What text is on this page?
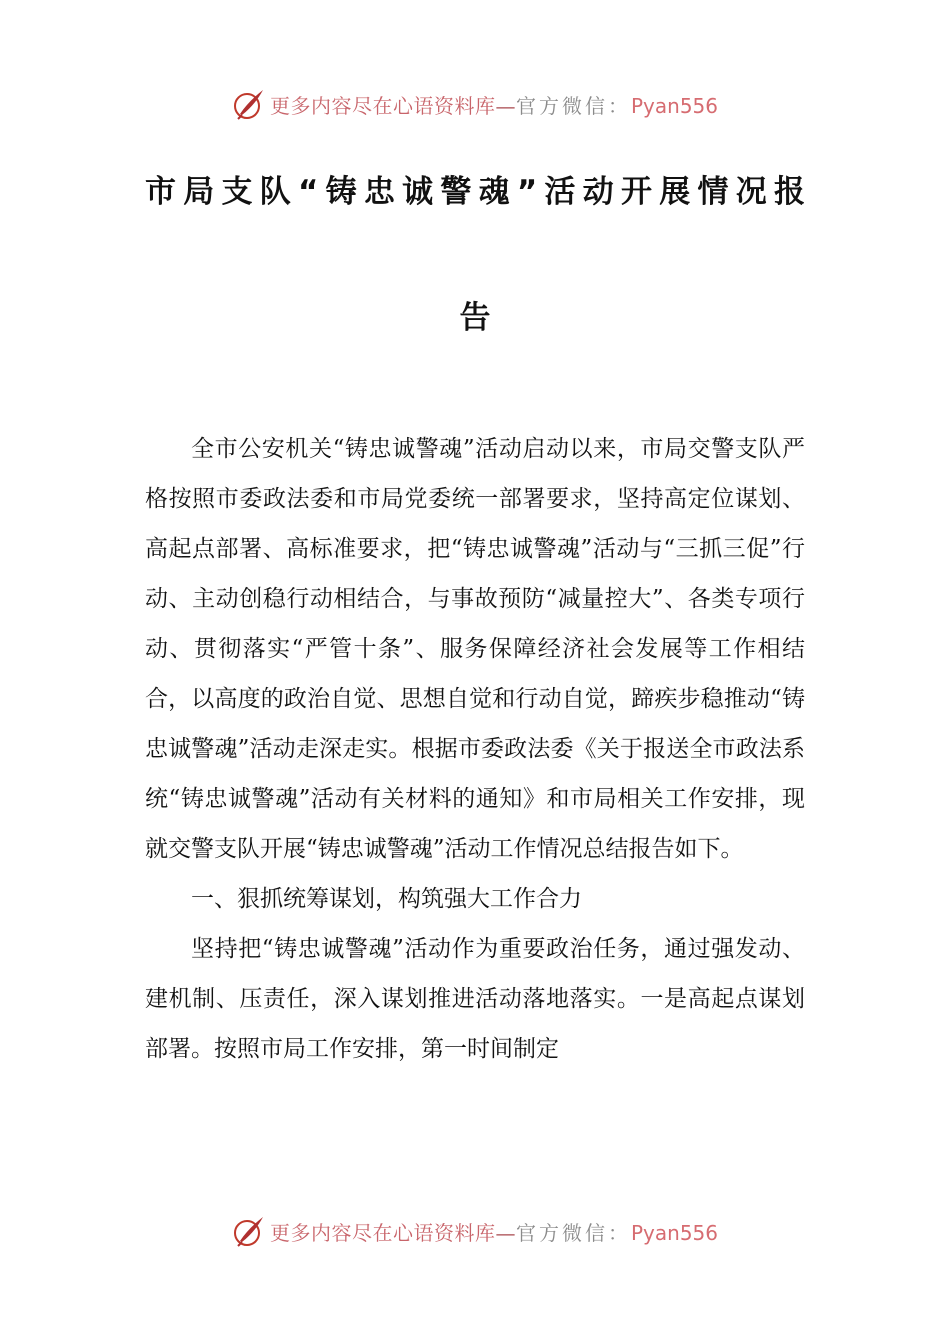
更多内容尽在心语资料库—官方微信：Pyan556
市局支队“铸忠诚警魂”活动开展情况报
告

全市公安机关“铸忠诚警魂”活动启动以来，市局交警支队严格按照市委政法委和市局党委统一部署要求，坚持高定位谋划、高起点部署、高标准要求，把“铸忠诚警魂”活动与“三抓三促”行动、主动创稳行动相结合，与事故预防“减量控大”、各类专项行动、贯彻落实“严管十条”、服务保障经济社会发展等工作相结合，以高度的政治自觉、思想自觉和行动自觉，蹄疾步稳推动“铸忠诚警魂”活动走深走实。根据市委政法委《关于报送全市政法系统“铸忠诚警魂”活动有关材料的通知》和市局相关工作安排，现就交警支队开展“铸忠诚警魂”活动工作情况总结报告如下。

一、狠抓统筹谋划，构筑强大工作合力

坚持把“铸忠诚警魂”活动作为重要政治任务，通过强发动、建机制、压责任，深入谋划推进活动落地落实。一是高起点谋划部署。按照市局工作安排，第一时间制定

更多内容尽在心语资料库—官方微信：Pyan556
